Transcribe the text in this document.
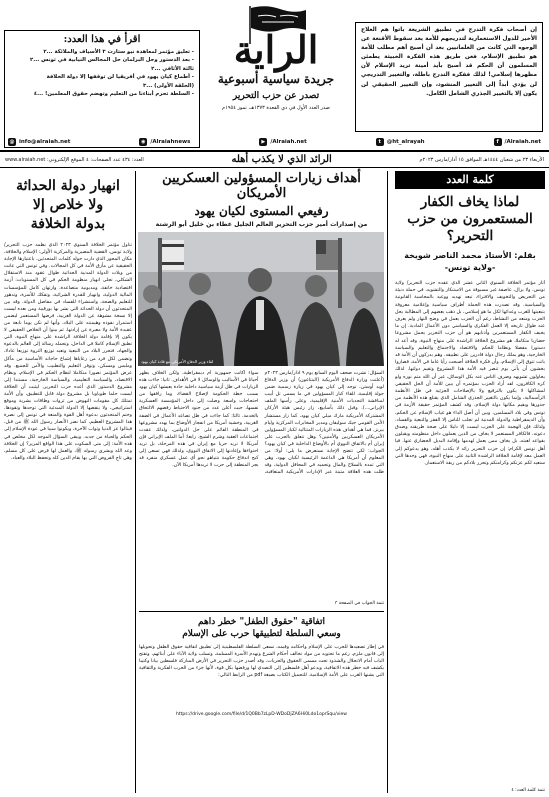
اقرأ في هذا العدد:
- تعليق مؤتمر لمعاهدة نيو ستارت ٣ الأسياف والملائكة ...٢
- بعد الدستور وحل البرلمان حل المجالس النيابية في تونس ...٢
ثالثة الأثافي ...٢
- أطماع كيان يهود في أفريقيا لن توقفها إلا دولة الخلافة
(الحلقة الأولى) ...٣
- السلطة تحرم أبناءنا من التعليم وتهضم حقوق المعلمين! ...٤
الراية
جريدة سياسية أسبوعية
تصدر عن حزب التحرير
صدر العدد الأول في ذي القعدة ١٣٧٣هـ، تموز ١٩٥٤م
إن أصحاب فكرة التدرج في تطبيق الشريعة باتوا هم العلاج الأخير للدول الاستعمارية لتدريجهم للأمة بعد سقوط الأقنعة عن الوجوه التي كانت من العلمانيين بعد أن أصبح أهم مطلب للأمة هو تطبيق الإسلام، فعن طريق هذه الفكرة الخبيثة يطمئن المسلمون أن الحكم قد أصبح بأيد أمينة تريد الإسلام لأن مظهرها إسلامي! لذلك ففكرة التدرج باطلة، والتغيير التدريجي لن يؤدي أبداً إلى التغيير المنشود، وإن التغيير الحقيقي لن يكون إلا بالتغيير الجذري الشامل الكامل.
@ info@alraiah.net	◉ /Alraiahnews	▶ /Alraiah.net	t	@ht_alrayah	f	/Alraiah.net
الأربعاء ٢٣ من شعبان ١٤٤٤هـ الموافق ١٥ آذار/مارس ٢٠٢٣م
الرائد الذي لا يكذب أهله
العدد: ٤٣٤ عدد الصفحات: ٤ الموقع الإلكتروني: www.alraiah.net
كلمة العدد
لماذا يخاف الكفار المستعمرون من حزب التحرير؟
بقلم: الأستاذ محمد الناصر شويخة
-ولاية تونس-
أثار مؤتمر الخلافة السنوي الثاني عشر الذي عقده حزب التحرير/ ولاية تونس، ولا يزال، عاصفة غير مسبوقة من الاستنكار والتشويه، في حملة دنيئة من التحريض والتخويف والافتراء، تبعه تهديد ووعيد بالمحاسبة القانونية والسياسية. وقد تصدرت هذه الحملة أطراف سياسية وإعلامية معروفة بتبعيتها للغرب وعدائها لكل ما هو إسلامي، بل ذهب بعضهم إلى المطالبة بحل الحزب ومنعه من النشاط، رغم أن الحزب يعمل في وضح النهار ولم يعرف عنه طوال تاريخه إلا العمل الفكري والسياسي دون الأعمال المادية. إن ما يخيف الكفار المستعمرين وأذنابهم هو أن حزب التحرير يحمل مشروعا حضاريا متكاملا، هو مشروع الخلافة الراشدة على منهاج النبوة، وقد أعد له دستورا مفصلا ونظاما للحكم والاقتصاد والاجتماع والتعليم والسياسة الخارجية، وهو يملك رجال دولة قادرين على تطبيقه. وهم يدركون أن الأمة قد باتت تتوق إلى الإسلام، وأن فكرة الخلافة أصبحت رأيا عاما في الأمة، فصاروا يخشون أن يأتي يوم تنصر فيه الأمة هذا المشروع وتقيم دولتها. لذلك يحاولون تشويهه وصرف الناس عنه بكل الوسائل، غير أن الله متم نوره ولو كره الكافرون. لقد أراد الحزب بمؤتمره أن يبين للأمة أن الحل الحقيقي لمشاكلها لا يكون بالترقيع ولا بالإصلاحات الجزئية في ظل الأنظمة الرأسمالية، وإنما يكون بالتغيير الجذري الشامل الذي يقتلع هذه الأنظمة من جذورها ويقيم مكانها دولة الإسلام. وقد كشف المؤتمر حقيقة الأزمة في تونس وفي بلاد المسلمين، وبين أن أصل الداء هو غياب الإسلام عن الحكم، وأن الديمقراطية والدولة المدنية لم تجلب للناس إلا الفقر والتبعية والفساد. ولذلك فإن الهجمة على الحزب ليست إلا دليلا على صحة طريقته وصدق دعوته، فالكافر المستعمر لا يخاف من الذين يعملون داخل منظومته ويقبلون بقواعد لعبته، بل يخاف ممن يعمل لهدمها وإقامة البديل الحضاري عنها. فيا أهل تونس الكرام: إن حزب التحرير رائد لا يكذب أهله، وهو يدعوكم إلى العمل معه لإقامة الخلافة الراشدة الثانية على منهاج النبوة، فهي وحدها التي ستعيد لكم عزتكم وكرامتكم وتحرر بلادكم من ربقة الاستعمار.
تتمة كلمة العدد: ٤
أهداف زيارات المسؤولين العسكريين الأمريكان
رفيعي المستوى لكيان يهود
من إصدارات أمير حزب التحرير العالم الجليل عطاء بن خليل أبو الرشتة
لقاء وزير الدفاع الأمريكي مع قادة كيان يهود
السؤال: نشرت صحف اليوم السابع يوم ٩ آذار/مارس ٢٠٢٣م (أعلنت وزارة الدفاع الأمريكية (البنتاغون) أن وزير الدفاع لويد أوستن، توجه إلى كيان يهود في زيارة رسمية ضمن جولة إقليمية، للقاء كبار المسؤولين في ما يسمى تل أبيب لمناقشة التحديات الأمنية الإقليمية، وعلى رأسها الملف الإيراني...). وقبل ذلك بأسابيع، زار رئيس هيئة الأركان المشتركة الأمريكية مارك ميلي كيان يهود، كما زار مستشار الأمن القومي جيك سوليفان ومدير المخابرات المركزية وليام بيرنز. فما هي أهداف هذه الزيارات المتتالية لكبار المسؤولين الأمريكان العسكريين والأمنيين؟ وهل تتعلق بالحرب على إيران أم بالاتفاق النووي أم بالأوضاع الداخلية في كيان يهود؟ الجواب: لكي تتضح الإجابة نستعرض ما يلي: أولا: من المعلوم أن أمريكا هي الداعمة الرئيسية لكيان يهود، وهي التي تمده بالسلاح والمال وتحميه في المحافل الدولية، وقد ظلت هذه العلاقة متينة عبر الإدارات الأمريكية المتعاقبة، سواء أكانت جمهورية أم ديمقراطية، ولكن الخلاف يظهر أحيانا في الأساليب والوسائل لا في الأهداف. ثانيا: جاءت هذه الزيارات في ظل أزمة سياسية داخلية حادة يعيشها كيان يهود بسبب خطة الحكومة لإصلاح القضاء، وما رافقها من احتجاجات واسعة وصلت إلى داخل المؤسسة العسكرية نفسها، حيث أعلن عدد من جنود الاحتياط رفضهم الالتحاق بالخدمة. ثالثا: كما جاءت في ظل تصاعد الأعمال في الضفة الغربية، وخشية أمريكا من انفجار الأوضاع بما يهدد مشروعها في المنطقة القائم على حل الدولتين، ولذلك عقدت اجتماعات العقبة وشرم الشيخ. رابعا: أما الملف الإيراني فإن أمريكا لا تريد حربا مع إيران في هذه المرحلة، بل تريد احتواءها وإعادتها إلى الاتفاق النووي، ولذلك فهي تسعى إلى كبح اندفاع حكومة نتنياهو نحو أي عمل عسكري منفرد قد يجر المنطقة إلى حرب لا تريدها أمريكا الآن.
تتمة الجواب في الصفحة ٣
اتفاقية "حقوق الطفل" خطر داهم
وسعي السلطة لتطبيقها حرب على الإسلام
في إطار تصعيدها للحرب على الإسلام وأحكامه وقيمه، تسعى السلطة الفلسطينية إلى تطبيق اتفاقية حقوق الطفل وتحويلها إلى قانون ملزم، رغم ما تحتويه من مواد تخالف أحكام الشرع وتهدم الأسرة المسلمة، وتسلب ولاية الآباء على أبنائهم، وتفتح الباب أمام الانحلال والشذوذ تحت مسمى الحقوق والحريات. وقد أصدر حزب التحرير في الأرض المباركة فلسطين بيانا وكتيبا يكشف فيه خطر هذه الاتفاقية، ويدعو أهل فلسطين إلى التصدي لها ورفضها بكل قوة، لأنها جزء من الحرب الفكرية والثقافية التي يشنها الغرب على الأمة الإسلامية. للتحميل الكتاب بصيغة pdf من الرابط التالي:
https://drive.google.com/file/d/1Q0Bb7zLpD-WDoDjZA6Hi0Ldo1oprSqu/view
انهيار دولة الحداثة
ولا خلاص إلا
بدولة الخلافة
تناول مؤتمر الخلافة السنوي ٢٠٢٣ الذي نظمه حزب التحرير/ ولاية تونس، القضية المصيرية والمركزية الأولى: الإسلام والخلافة، مكان المحور الذي دارت حوله كلمات المتحدثين، باعتبارها الإجابة الحقيقية عن مأزق الأمة في كل المجالات. وفي تونس التي عانت من ويلات الدولة المدنية الحداثية طوال عقود منذ الاستقلال الشكلي، تجلى انهيار منظومة الحكم في كل المستويات: أزمة اقتصادية خانقة، ومديونية متصاعدة، وارتهان كامل للمؤسسات المالية الدولية، وانهيار للقدرة الشرائية، وتفكك للأسرة، وتدهور للتعليم والصحة، واستشراء للفساد في مفاصل الدولة. وقد بين المتحدثون أن دولة الحداثة التي بشر بها بورقيبة ومن بعده ليست إلا نسخة مشوهة عن الدولة الغربية، فرضها المستعمر ليضمن استمرار نفوذه وهيمنته على البلاد، وأنها لم تكن يوما نابعة من عقيدة الأمة ولا معبرة عن إرادتها. ثم بينوا أن الخلاص الحقيقي لا يكون إلا بإقامة دولة الخلافة الراشدة على منهاج النبوة، التي تطبق الإسلام كاملا في الداخل، وتحمله رسالة إلى العالم بالدعوة والجهاد، فتحرر البلاد من التبعية وتعيد توزيع الثروة توزيعا عادلا، وتضمن لكل فرد من رعاياها إشباع حاجاته الأساسية من مأكل وملبس ومسكن، وتوفر التعليم والتطبيب والأمن للجميع. وقد عرض المؤتمر تصورا متكاملا لنظام الحكم في الإسلام، ونظام الاقتصاد، والسياسة التعليمية، والسياسة الخارجية، مستندا إلى مشروع الدستور الذي أعده حزب التحرير، ليثبت أن الخلافة ليست حلما طوباويا بل مشروع دولة قابل للتطبيق، وأن الأمة تمتلك كل مقومات النهوض من ثروات وطاقات بشرية وموقع استراتيجي، ولا ينقصها إلا الدولة المبدئية التي توحدها وتقودها. وختم المتحدثون بدعوة أهل القوة والمنعة في تونس إلى نصرة هذا المشروع العظيم، كما نصر الأنصار رسول الله ﷺ من قبل، فينالوا عز الدنيا وثواب الآخرة، ويكونوا سببا في عودة الإسلام إلى الحكم والحياة من جديد. ويبقى السؤال الموجه لكل مخلص في هذه الأمة: إلى متى السكوت على هذا الواقع المرير؟ إن الخلافة وعد الله وبشرى رسوله ﷺ، والعمل لها فرض على كل مسلم، وهي تاج الفروض التي بها يقام الدين كله وتحفظ البلاد والعباد.
